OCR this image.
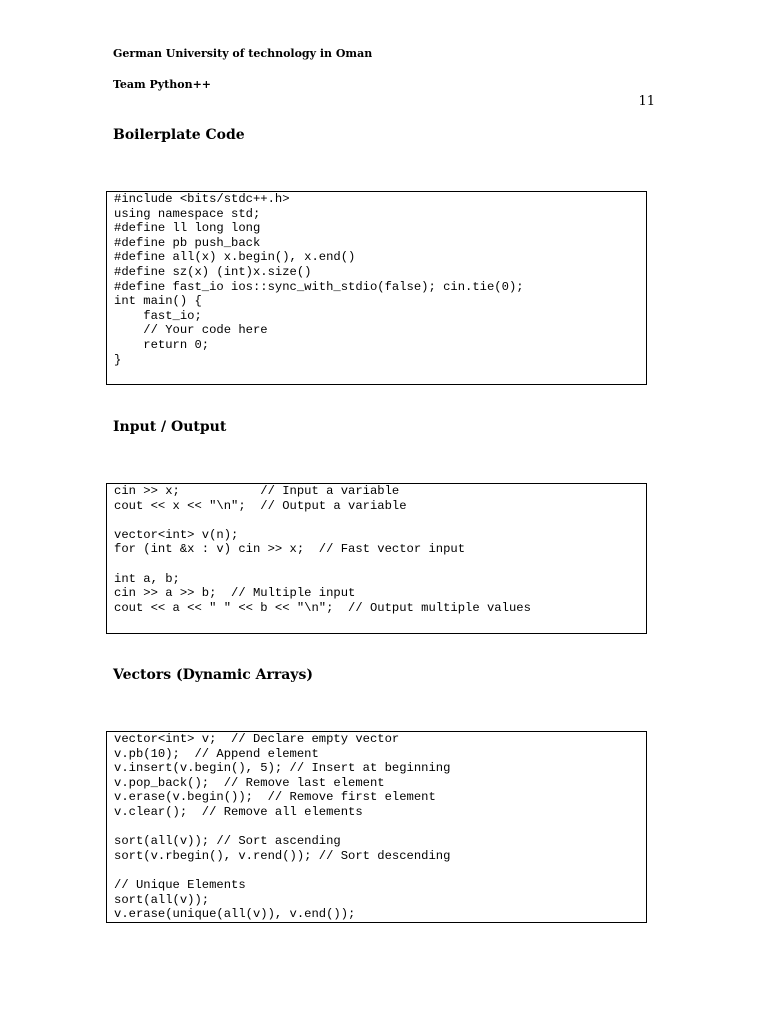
German University of technology in Oman
Team Python++
11
Boilerplate Code
#include <bits/stdc++.h>
using namespace std;
#define ll long long
#define pb push_back
#define all(x) x.begin(), x.end()
#define sz(x) (int)x.size()
#define fast_io ios::sync_with_stdio(false); cin.tie(0);
int main() {
fast_io;
// Your code here
return 0;
}
Input / Output
cin >> x;           // Input a variable
cout << x << "\n";  // Output a variable
vector<int> v(n);
for (int &x : v) cin >> x;  // Fast vector input
int a, b;
cin >> a >> b;  // Multiple input
cout << a << " " << b << "\n";  // Output multiple values
Vectors (Dynamic Arrays)
vector<int> v;  // Declare empty vector
v.pb(10);  // Append element
v.insert(v.begin(), 5); // Insert at beginning
v.pop_back();  // Remove last element
v.erase(v.begin());  // Remove first element
v.clear();  // Remove all elements
sort(all(v)); // Sort ascending
sort(v.rbegin(), v.rend()); // Sort descending
// Unique Elements
sort(all(v));
v.erase(unique(all(v)), v.end());
